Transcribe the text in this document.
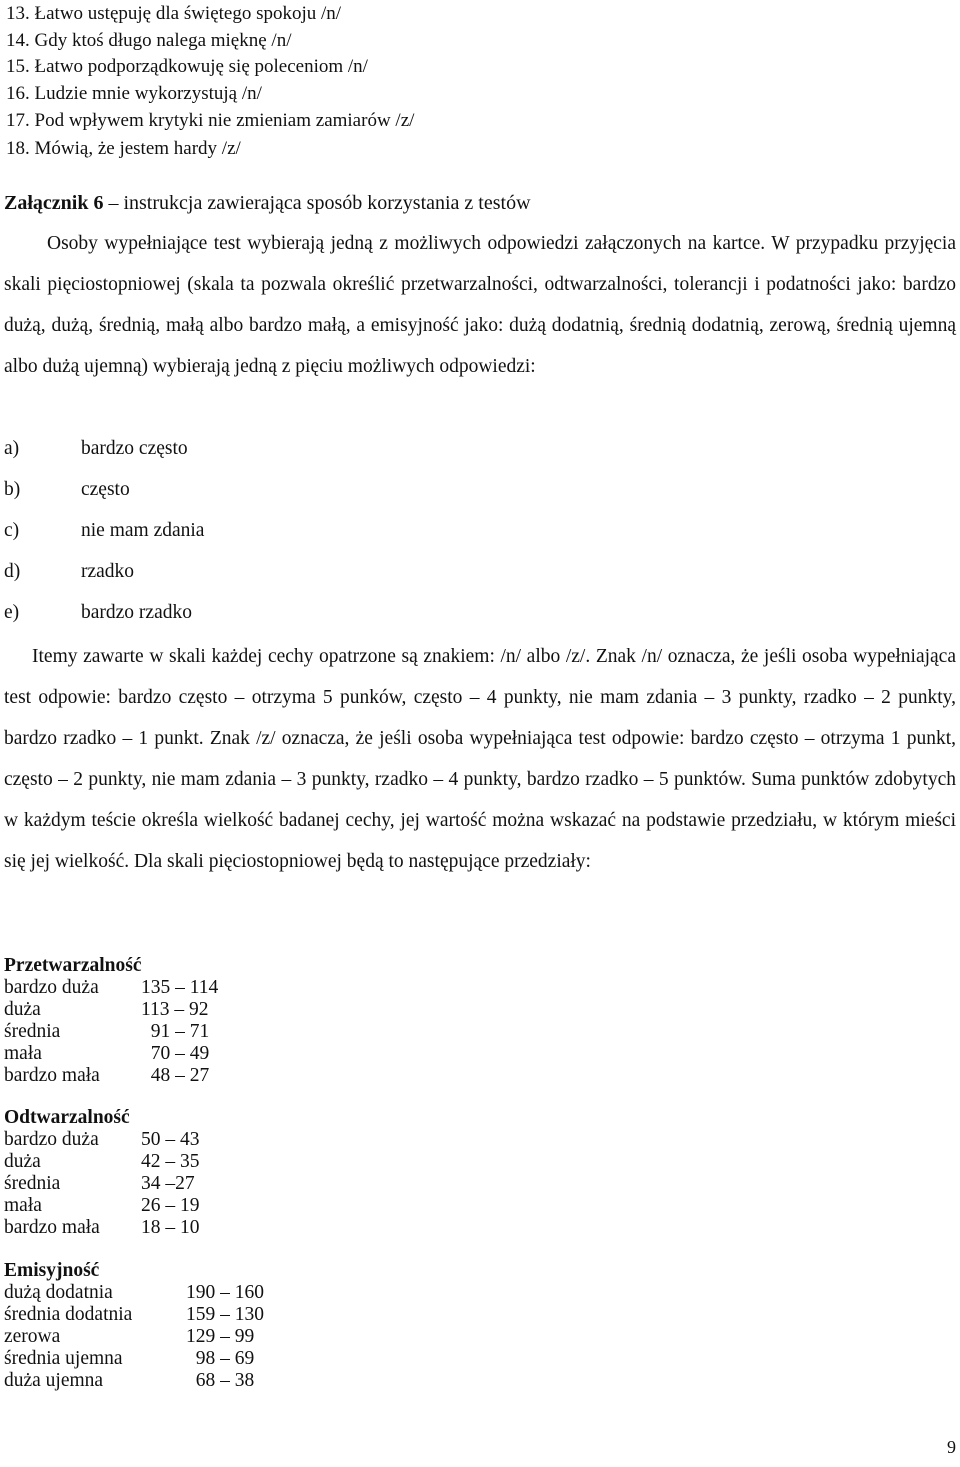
13. Łatwo ustępuję dla świętego spokoju /n/
14. Gdy ktoś długo nalega mięknę /n/
15. Łatwo podporządkowuję się poleceniom /n/
16. Ludzie mnie wykorzystują /n/
17. Pod wpływem krytyki nie zmieniam zamiarów /z/
18. Mówią, że jestem hardy /z/
Załącznik 6 – instrukcja zawierająca sposób korzystania z testów

Osoby wypełniające test wybierają jedną z możliwych odpowiedzi załączonych na kartce. W przypadku przyjęcia skali pięciostopniowej (skala ta pozwala określić przetwarzalności, odtwarzalności, tolerancji i podatności jako: bardzo dużą, dużą, średnią, małą albo bardzo małą, a emisyjność jako: dużą dodatnią, średnią dodatnią, zerową, średnią ujemną albo dużą ujemną) wybierają jedną z pięciu możliwych odpowiedzi:

a)	bardzo często
b)	często
c)	nie mam zdania
d)	rzadko
e)	bardzo rzadko

Itemy zawarte w skali każdej cechy opatrzone są znakiem: /n/ albo /z/. Znak /n/ oznacza, że jeśli osoba wypełniająca test odpowie: bardzo często – otrzyma 5 punków, często – 4 punkty, nie mam zdania – 3 punkty, rzadko – 2 punkty, bardzo rzadko – 1 punkt. Znak /z/ oznacza, że jeśli osoba wypełniająca test odpowie: bardzo często – otrzyma 1 punkt, często – 2 punkty, nie mam zdania – 3 punkty, rzadko – 4 punkty, bardzo rzadko – 5 punktów. Suma punktów zdobytych w każdym teście określa wielkość badanej cechy, jej wartość można wskazać na podstawie przedziału, w którym mieści się jej wielkość. Dla skali pięciostopniowej będą to następujące przedziały:

Przetwarzalność
bardzo duża	135 – 114
duża	113 – 92
średnia	91 – 71
mała	70 – 49
bardzo mała	48 – 27
Odtwarzalność
bardzo duża	50 – 43
duża	42 – 35
średnia	34 –27
mała	26 – 19
bardzo mała	18 – 10
Emisyjność
dużą dodatnia	190 – 160
średnia dodatnia	159 – 130
zerowa	129 – 99
średnia ujemna	98 – 69
duża ujemna	68 – 38
9
